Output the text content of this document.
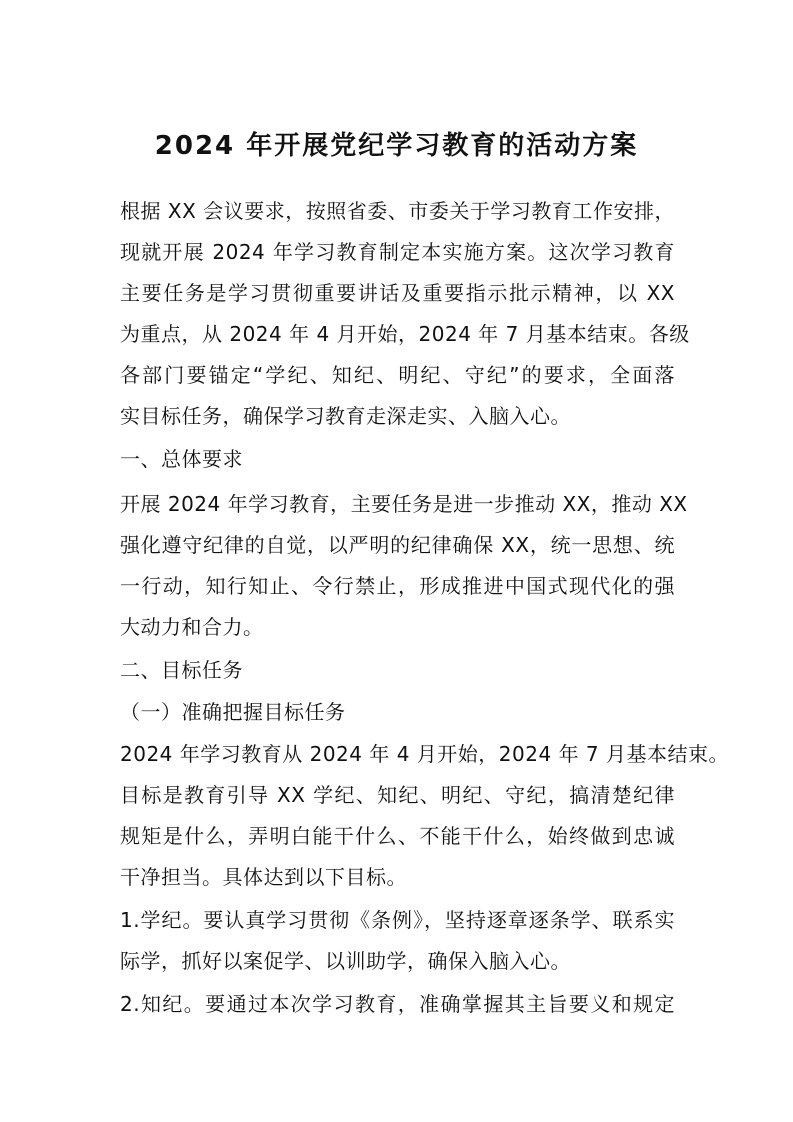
2024 年开展党纪学习教育的活动方案
根据 XX 会议要求，按照省委、市委关于学习教育工作安排，
现就开展 2024 年学习教育制定本实施方案。这次学习教育
主要任务是学习贯彻重要讲话及重要指示批示精神，以 XX
为重点，从 2024 年 4 月开始，2024 年 7 月基本结束。各级
各部门要锚定“学纪、知纪、明纪、守纪”的要求，全面落
实目标任务，确保学习教育走深走实、入脑入心。
一、总体要求
开展 2024 年学习教育，主要任务是进一步推动 XX，推动 XX
强化遵守纪律的自觉，以严明的纪律确保 XX，统一思想、统
一行动，知行知止、令行禁止，形成推进中国式现代化的强
大动力和合力。
二、目标任务
（一）准确把握目标任务
2024 年学习教育从 2024 年 4 月开始，2024 年 7 月基本结束。
目标是教育引导 XX 学纪、知纪、明纪、守纪，搞清楚纪律
规矩是什么，弄明白能干什么、不能干什么，始终做到忠诚
干净担当。具体达到以下目标。
1.学纪。要认真学习贯彻《条例》，坚持逐章逐条学、联系实
际学，抓好以案促学、以训助学，确保入脑入心。
2.知纪。要通过本次学习教育，准确掌握其主旨要义和规定
